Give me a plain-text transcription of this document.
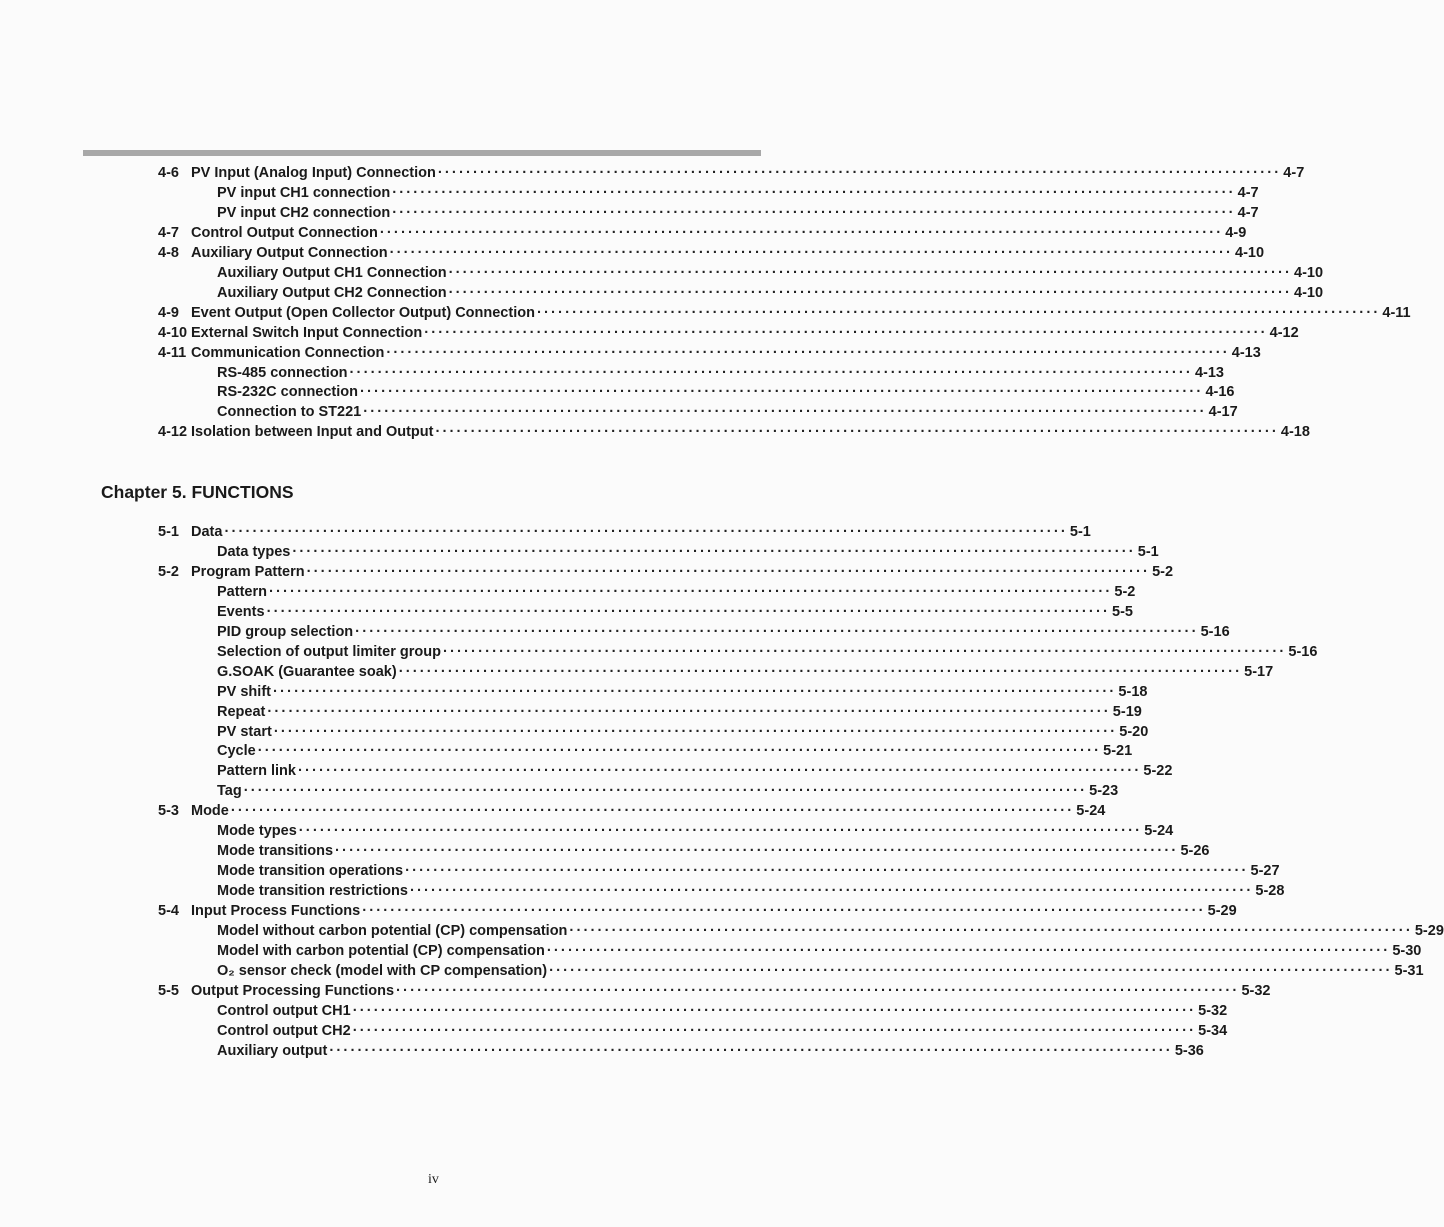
4-6 PV Input (Analog Input) Connection ························································································································ 4-7
PV input CH1 connection ························································································································ 4-7
PV input CH2 connection ························································································································ 4-7
4-7 Control Output Connection ························································································································ 4-9
4-8 Auxiliary Output Connection ························································································································ 4-10
Auxiliary Output CH1 Connection ························································································································ 4-10
Auxiliary Output CH2 Connection ························································································································ 4-10
4-9 Event Output (Open Collector Output) Connection ························································································································ 4-11
4-10 External Switch Input Connection ························································································································ 4-12
4-11 Communication Connection ························································································································ 4-13
RS-485 connection ························································································································ 4-13
RS-232C connection ························································································································ 4-16
Connection to ST221 ························································································································ 4-17
4-12 Isolation between Input and Output ························································································································ 4-18
Chapter 5. FUNCTIONS
5-1 Data ························································································································ 5-1
Data types ························································································································ 5-1
5-2 Program Pattern ························································································································ 5-2
Pattern ························································································································ 5-2
Events ························································································································ 5-5
PID group selection ························································································································ 5-16
Selection of output limiter group ························································································································ 5-16
G.SOAK (Guarantee soak) ························································································································ 5-17
PV shift ························································································································ 5-18
Repeat ························································································································ 5-19
PV start ························································································································ 5-20
Cycle ························································································································ 5-21
Pattern link ························································································································ 5-22
Tag ························································································································ 5-23
5-3 Mode ························································································································ 5-24
Mode types ························································································································ 5-24
Mode transitions ························································································································ 5-26
Mode transition operations ························································································································ 5-27
Mode transition restrictions ························································································································ 5-28
5-4 Input Process Functions ························································································································ 5-29
Model without carbon potential (CP) compensation ························································································································ 5-29
Model with carbon potential (CP) compensation ························································································································ 5-30
O₂ sensor check (model with CP compensation) ························································································································ 5-31
5-5 Output Processing Functions ························································································································ 5-32
Control output CH1 ························································································································ 5-32
Control output CH2 ························································································································ 5-34
Auxiliary output ························································································································ 5-36
iv
